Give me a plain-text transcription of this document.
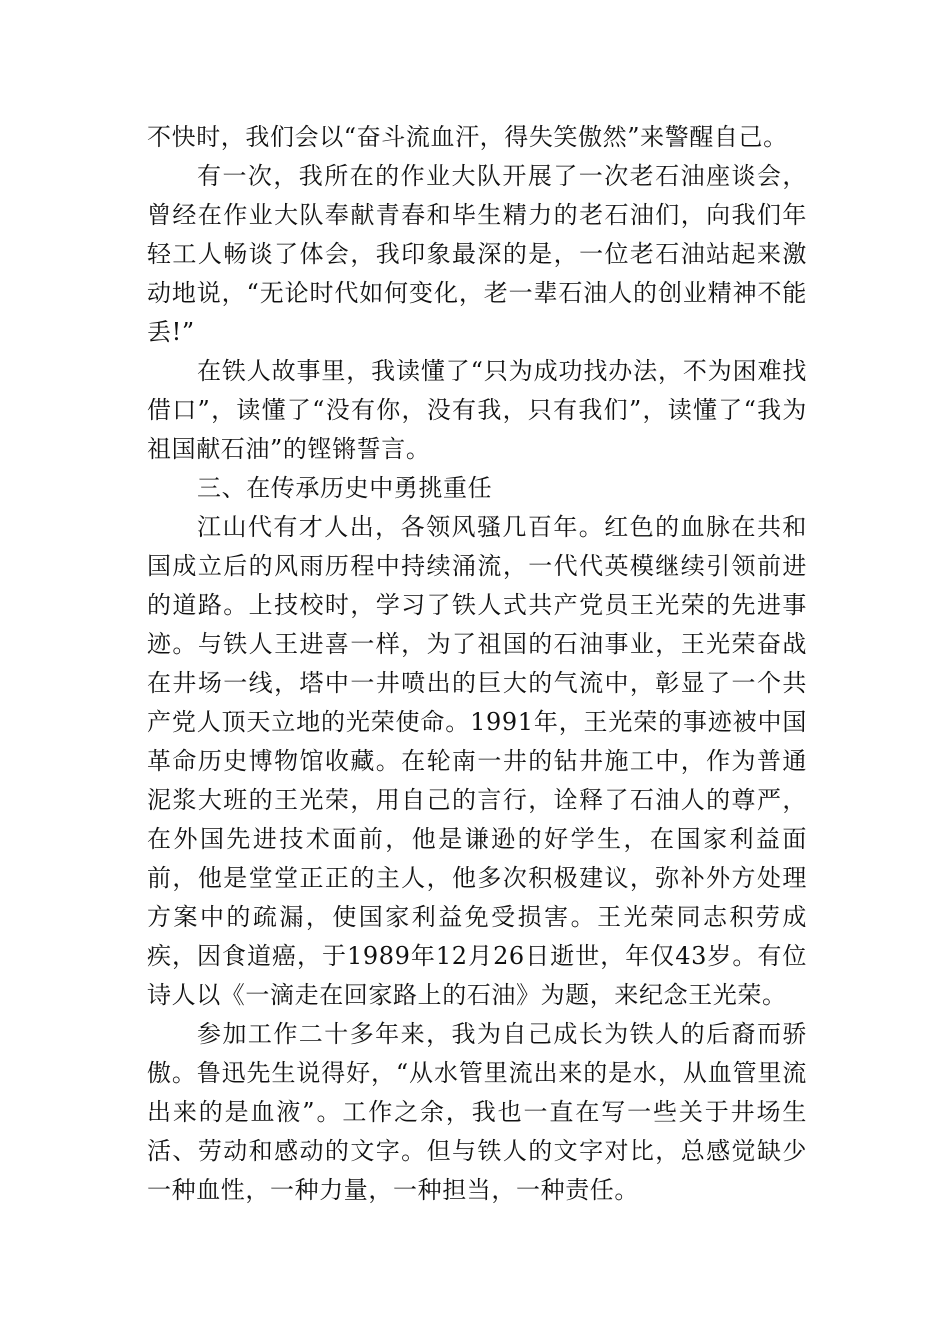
不快时，我们会以“奋斗流血汗，得失笑傲然”来警醒自己。

有一次，我所在的作业大队开展了一次老石油座谈会，曾经在作业大队奉献青春和毕生精力的老石油们，向我们年轻工人畅谈了体会，我印象最深的是，一位老石油站起来激动地说，“无论时代如何变化，老一辈石油人的创业精神不能丢!”

在铁人故事里，我读懂了“只为成功找办法，不为困难找借口”，读懂了“没有你，没有我，只有我们”，读懂了“我为祖国献石油”的铿锵誓言。

三、在传承历史中勇挑重任

江山代有才人出，各领风骚几百年。红色的血脉在共和国成立后的风雨历程中持续涌流，一代代英模继续引领前进的道路。上技校时，学习了铁人式共产党员王光荣的先进事迹。与铁人王进喜一样，为了祖国的石油事业，王光荣奋战在井场一线，塔中一井喷出的巨大的气流中，彰显了一个共产党人顶天立地的光荣使命。1991年，王光荣的事迹被中国革命历史博物馆收藏。在轮南一井的钻井施工中，作为普通泥浆大班的王光荣，用自己的言行，诠释了石油人的尊严，在外国先进技术面前，他是谦逊的好学生，在国家利益面前，他是堂堂正正的主人，他多次积极建议，弥补外方处理方案中的疏漏，使国家利益免受损害。王光荣同志积劳成疾，因食道癌，于1989年12月26日逝世，年仅43岁。有位诗人以《一滴走在回家路上的石油》为题，来纪念王光荣。

参加工作二十多年来，我为自己成长为铁人的后裔而骄傲。鲁迅先生说得好，“从水管里流出来的是水，从血管里流出来的是血液”。工作之余，我也一直在写一些关于井场生活、劳动和感动的文字。但与铁人的文字对比，总感觉缺少一种血性，一种力量，一种担当，一种责任。
